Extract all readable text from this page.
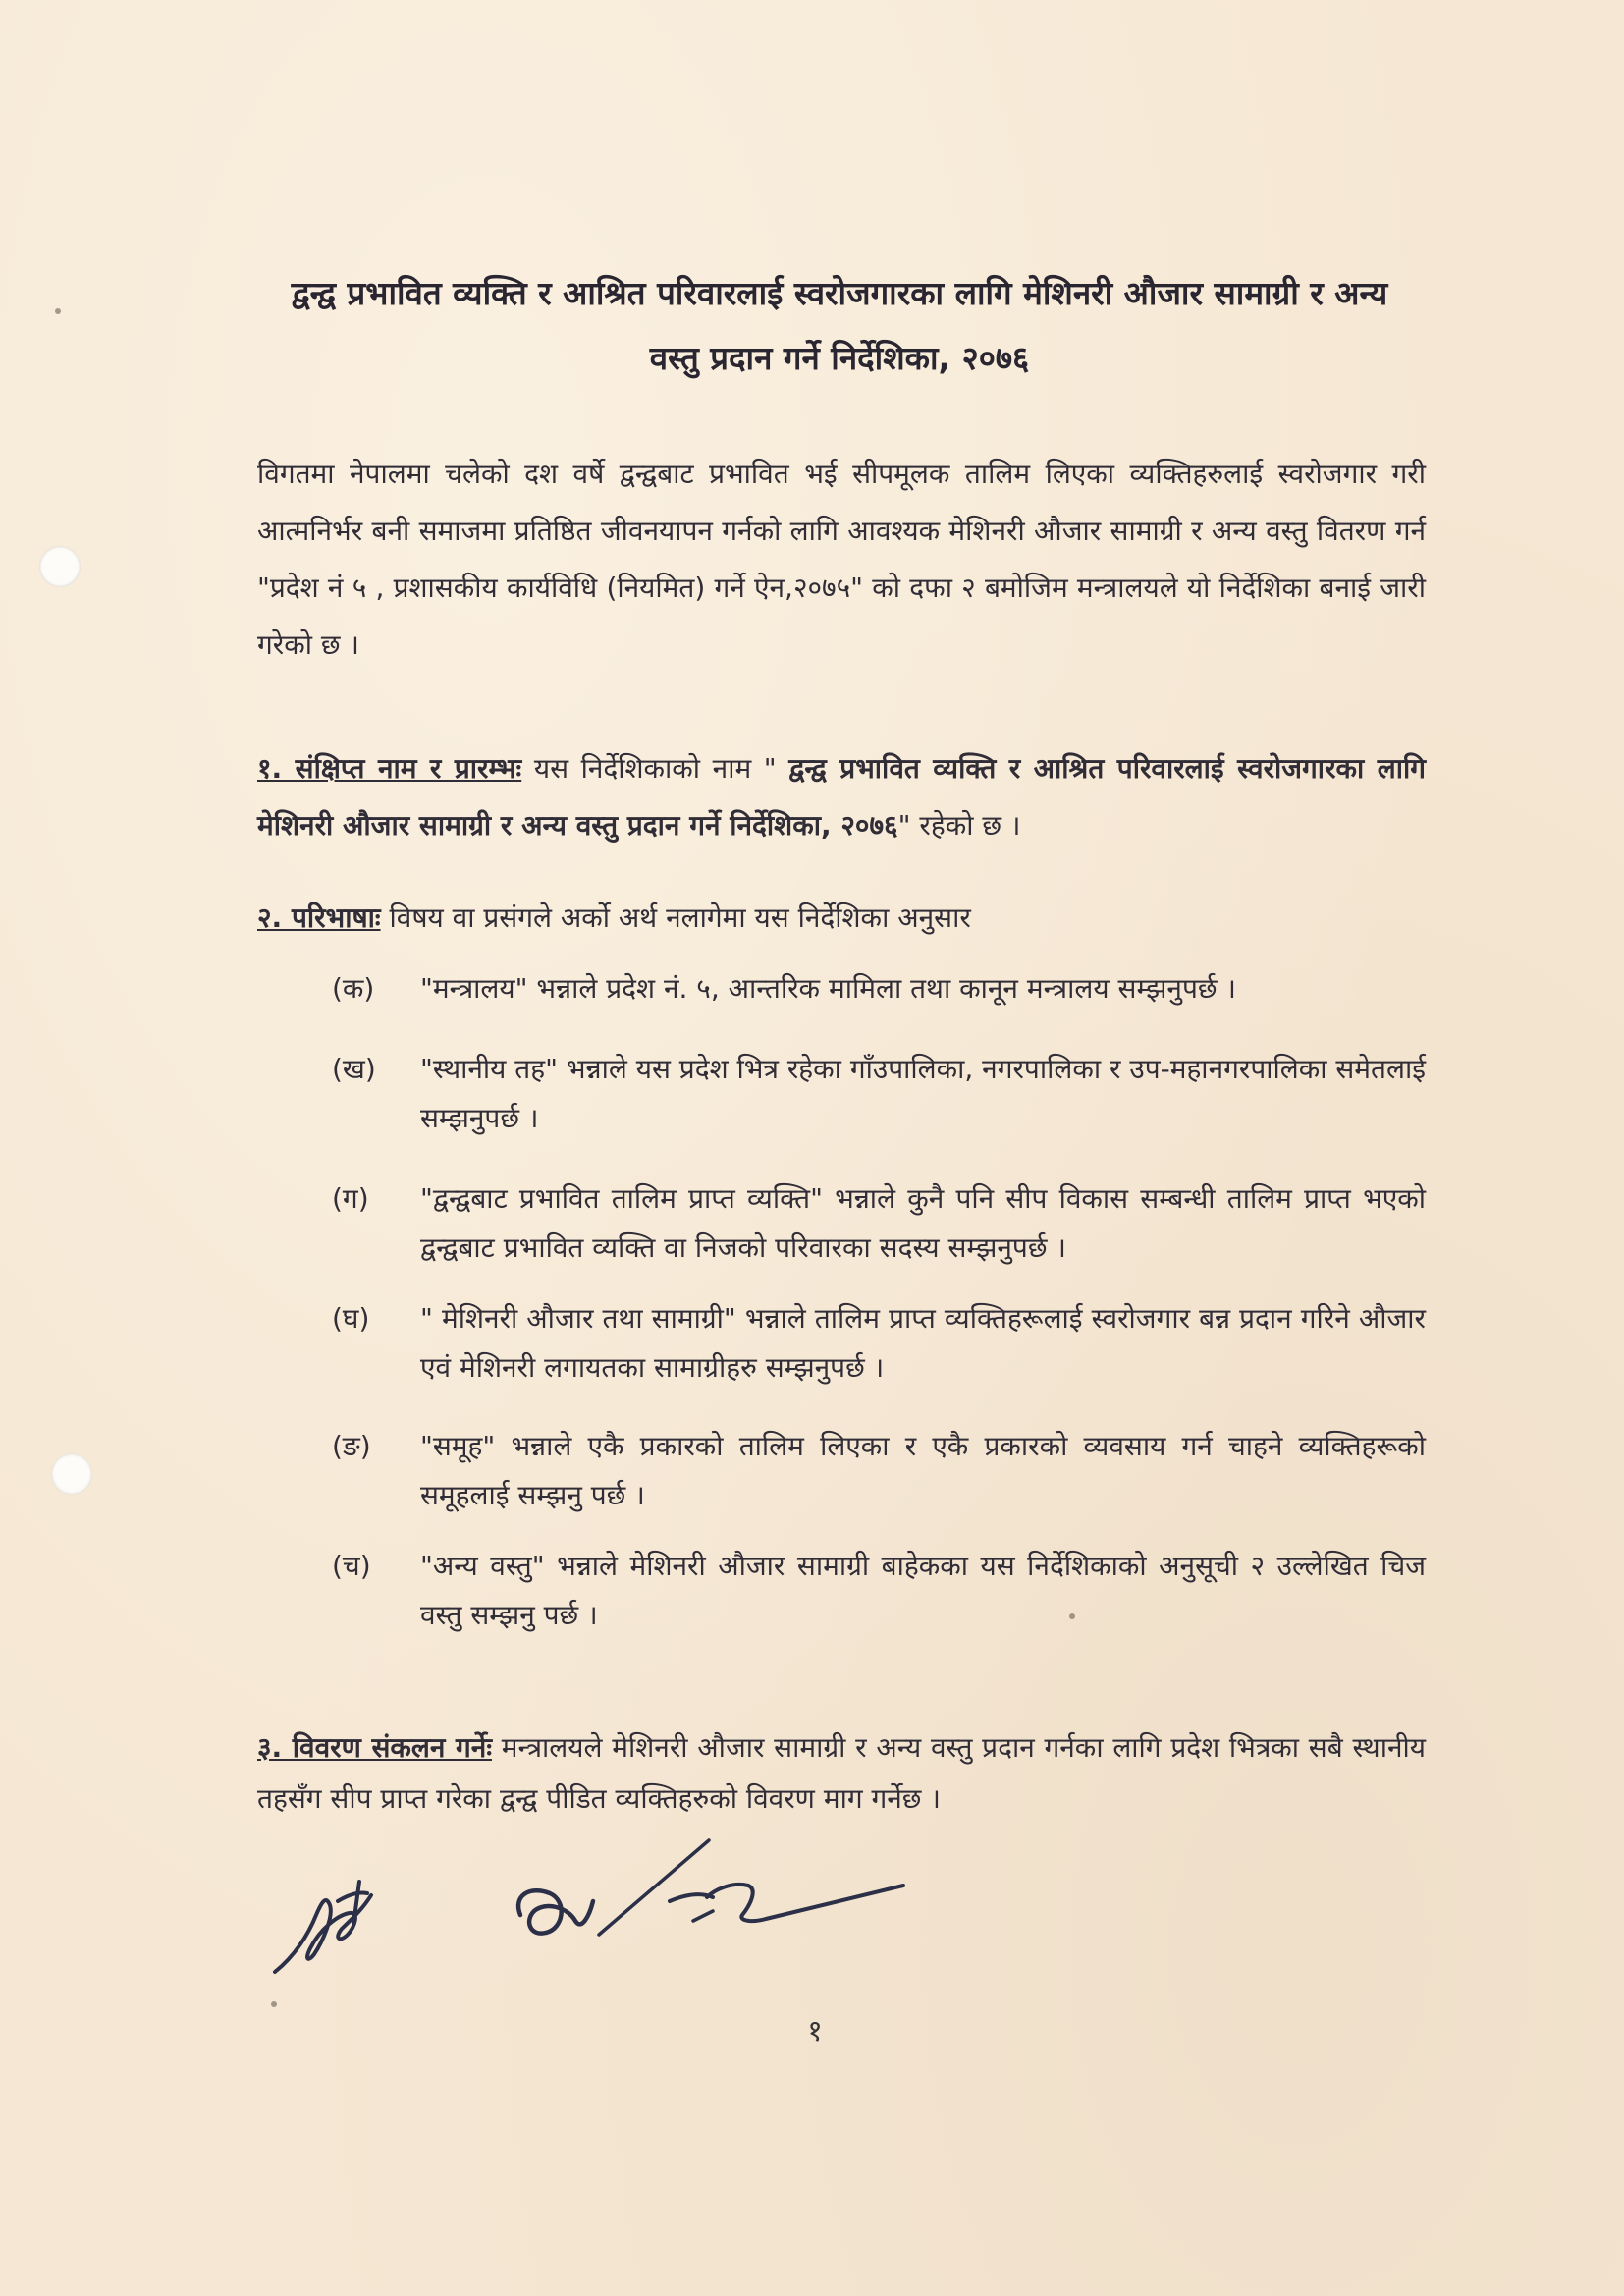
द्वन्द्व प्रभावित व्यक्ति र आश्रित परिवारलाई स्वरोजगारका लागि मेशिनरी औजार सामाग्री र अन्य
वस्तु प्रदान गर्ने निर्देशिका, २०७६
विगतमा नेपालमा चलेको दश वर्षे द्वन्द्वबाट प्रभावित भई सीपमूलक तालिम लिएका व्यक्तिहरुलाई स्वरोजगार गरी आत्मनिर्भर बनी समाजमा प्रतिष्ठित जीवनयापन गर्नको लागि आवश्यक मेशिनरी औजार सामाग्री र अन्य वस्तु वितरण गर्न "प्रदेश नं ५ , प्रशासकीय कार्यविधि (नियमित) गर्ने ऐन,२०७५" को दफा २ बमोजिम मन्त्रालयले यो निर्देशिका बनाई जारी गरेको छ ।
१. संक्षिप्त नाम र प्रारम्भः यस निर्देशिकाको नाम " द्वन्द्व प्रभावित व्यक्ति र आश्रित परिवारलाई स्वरोजगारका लागि मेशिनरी औजार सामाग्री र अन्य वस्तु प्रदान गर्ने निर्देशिका, २०७६" रहेको छ ।
२. परिभाषाः विषय वा प्रसंगले अर्को अर्थ नलागेमा यस निर्देशिका अनुसार
(क)	"मन्त्रालय" भन्नाले प्रदेश नं. ५, आन्तरिक मामिला तथा कानून मन्त्रालय सम्झनुपर्छ ।
(ख)	"स्थानीय तह" भन्नाले यस प्रदेश भित्र रहेका गाँउपालिका, नगरपालिका र उप-महानगरपालिका समेतलाई सम्झनुपर्छ ।
(ग)	"द्वन्द्वबाट प्रभावित तालिम प्राप्त व्यक्ति" भन्नाले कुनै पनि सीप विकास सम्बन्धी तालिम प्राप्त भएको द्वन्द्वबाट प्रभावित व्यक्ति वा निजको परिवारका सदस्य सम्झनुपर्छ ।
(घ)	" मेशिनरी औजार तथा सामाग्री" भन्नाले तालिम प्राप्त व्यक्तिहरूलाई स्वरोजगार बन्न प्रदान गरिने औजार एवं मेशिनरी लगायतका सामाग्रीहरु सम्झनुपर्छ ।
(ङ)	"समूह" भन्नाले एकै प्रकारको तालिम लिएका र एकै प्रकारको व्यवसाय गर्न चाहने व्यक्तिहरूको समूहलाई सम्झनु पर्छ ।
(च)	"अन्य वस्तु" भन्नाले मेशिनरी औजार सामाग्री बाहेकका यस निर्देशिकाको अनुसूची २ उल्लेखित चिज वस्तु सम्झनु पर्छ ।
३. विवरण संकलन गर्नेः मन्त्रालयले मेशिनरी औजार सामाग्री र अन्य वस्तु प्रदान गर्नका लागि प्रदेश भित्रका सबै स्थानीय तहसँग सीप प्राप्त गरेका द्वन्द्व पीडित व्यक्तिहरुको विवरण माग गर्नेछ ।
१
